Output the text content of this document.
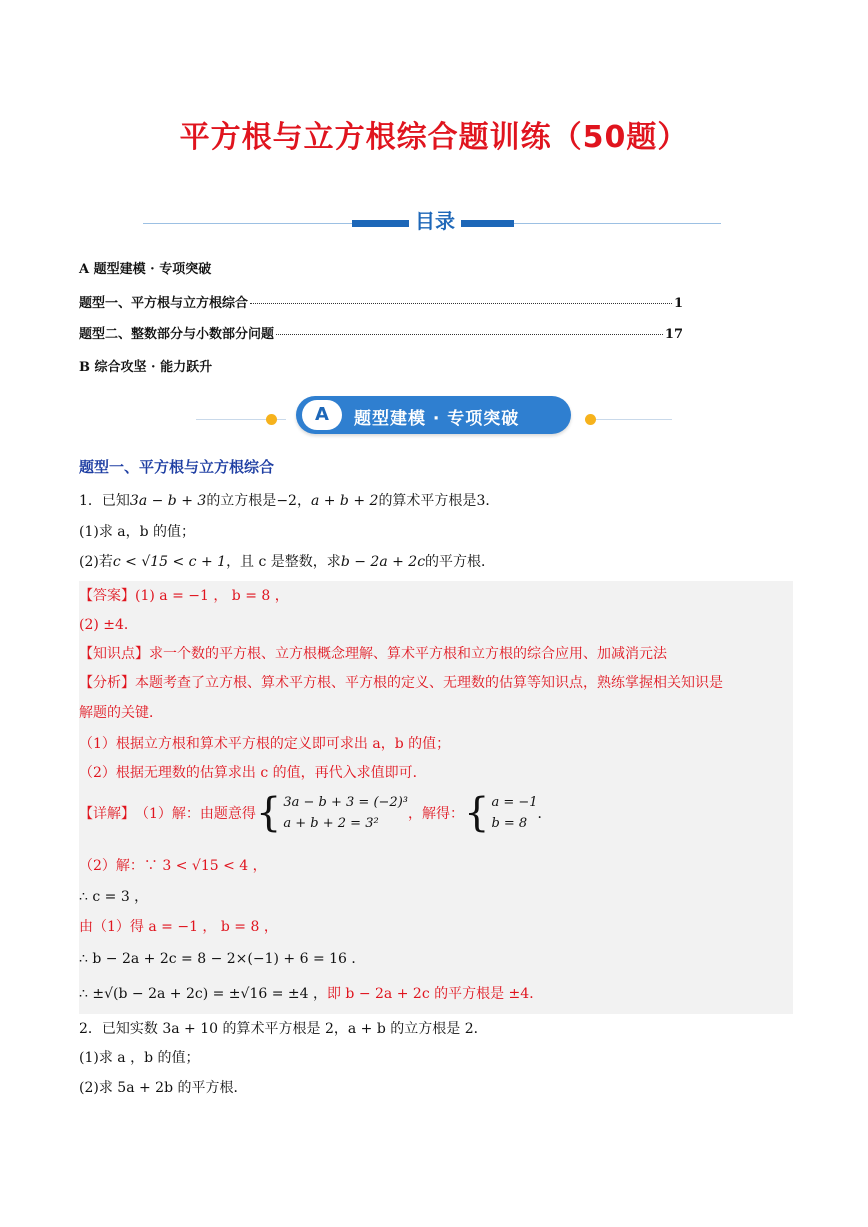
平方根与立方根综合题训练（50题）
目录
A 题型建模 · 专项突破
题型一、平方根与立方根综合	1
题型二、整数部分与小数部分问题	17
B 综合攻坚 · 能力跃升
A	题型建模 · 专项突破
题型一、平方根与立方根综合
1．已知3a − b + 3的立方根是−2，a + b + 2的算术平方根是3．
(1)求 a，b 的值；
(2)若c < √15 < c + 1，且 c 是整数，求b − 2a + 2c的平方根．
【答案】(1) a = −1 ， b = 8 ，
(2) ±4．
【知识点】求一个数的平方根、立方根概念理解、算术平方根和立方根的综合应用、加减消元法
【分析】本题考查了立方根、算术平方根、平方根的定义、无理数的估算等知识点，熟练掌握相关知识是
解题的关键．
（1）根据立方根和算术平方根的定义即可求出 a，b 的值；
（2）根据无理数的估算求出 c 的值，再代入求值即可．
【详解】 （1）解：由题意得 { 3a − b + 3 = (−2)³
a + b + 2 = 3²
，解得： { a = −1
b = 8
．
（2）解：∵ 3 < √15 < 4 ，
∴ c = 3 ，
由（1）得 a = −1 ， b = 8 ，
∴ b − 2a + 2c = 8 − 2×(−1) + 6 = 16 ．
∴ ±√(b − 2a + 2c) = ±√16 = ±4 ，即 b − 2a + 2c 的平方根是 ±4．
2．已知实数 3a + 10 的算术平方根是 2，a + b 的立方根是 2．
(1)求 a ，b 的值；
(2)求 5a + 2b 的平方根．
